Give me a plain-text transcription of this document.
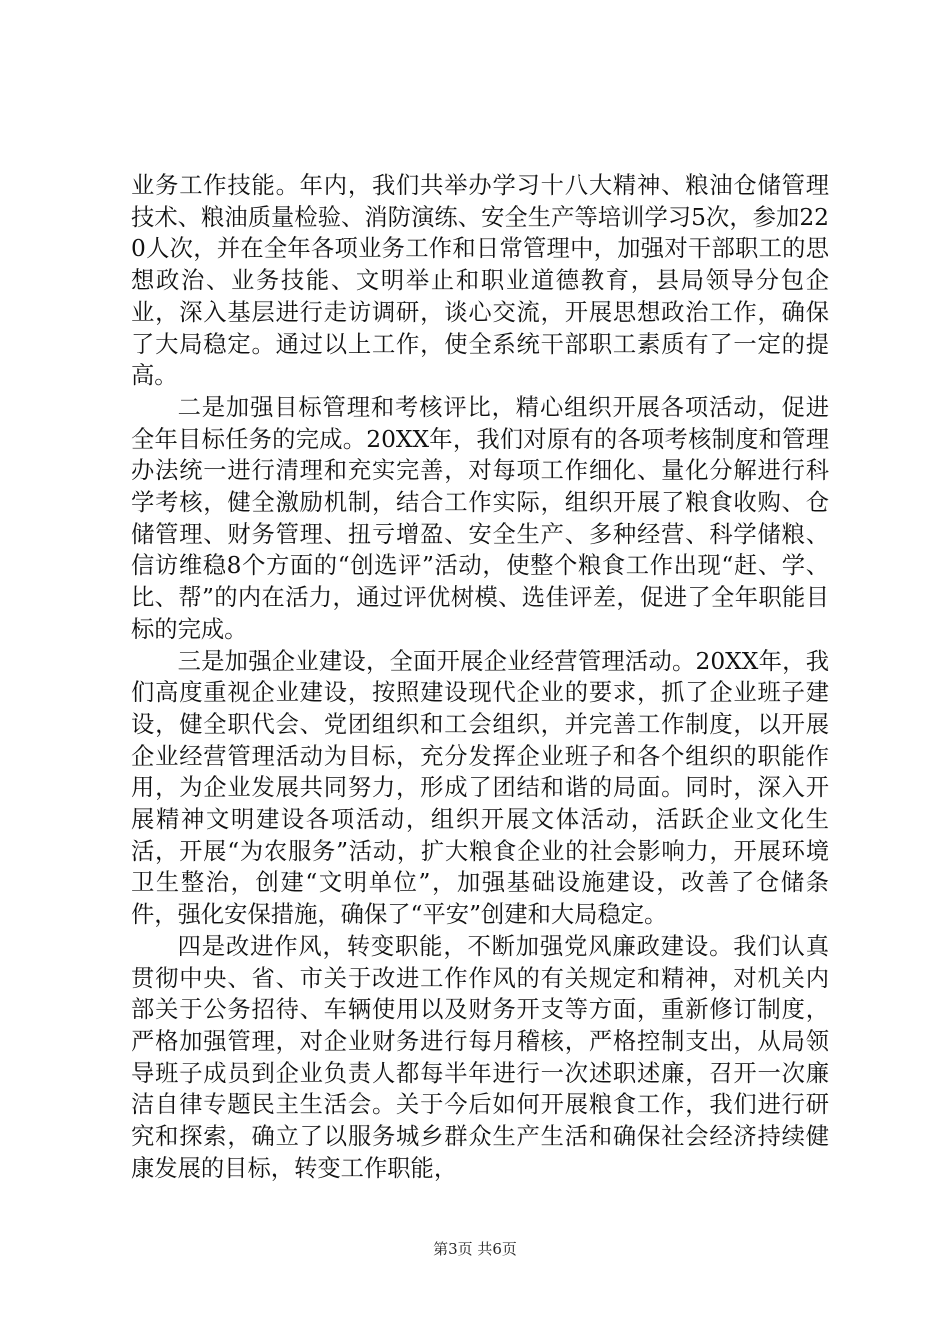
业务工作技能。年内，我们共举办学习十八大精神、粮油仓储管理技术、粮油质量检验、消防演练、安全生产等培训学习5次，参加220人次，并在全年各项业务工作和日常管理中，加强对干部职工的思想政治、业务技能、文明举止和职业道德教育，县局领导分包企业，深入基层进行走访调研，谈心交流，开展思想政治工作，确保了大局稳定。通过以上工作，使全系统干部职工素质有了一定的提高。

二是加强目标管理和考核评比，精心组织开展各项活动，促进全年目标任务的完成。20XX年，我们对原有的各项考核制度和管理办法统一进行清理和充实完善，对每项工作细化、量化分解进行科学考核，健全激励机制，结合工作实际，组织开展了粮食收购、仓储管理、财务管理、扭亏增盈、安全生产、多种经营、科学储粮、信访维稳8个方面的“创选评”活动，使整个粮食工作出现“赶、学、比、帮”的内在活力，通过评优树模、选佳评差，促进了全年职能目标的完成。

三是加强企业建设，全面开展企业经营管理活动。20XX年，我们高度重视企业建设，按照建设现代企业的要求，抓了企业班子建设，健全职代会、党团组织和工会组织，并完善工作制度，以开展企业经营管理活动为目标，充分发挥企业班子和各个组织的职能作用，为企业发展共同努力，形成了团结和谐的局面。同时，深入开展精神文明建设各项活动，组织开展文体活动，活跃企业文化生活，开展“为农服务”活动，扩大粮食企业的社会影响力，开展环境卫生整治，创建“文明单位”，加强基础设施建设，改善了仓储条件，强化安保措施，确保了“平安”创建和大局稳定。

四是改进作风，转变职能，不断加强党风廉政建设。我们认真贯彻中央、省、市关于改进工作作风的有关规定和精神，对机关内部关于公务招待、车辆使用以及财务开支等方面，重新修订制度，严格加强管理，对企业财务进行每月稽核，严格控制支出，从局领导班子成员到企业负责人都每半年进行一次述职述廉，召开一次廉洁自律专题民主生活会。关于今后如何开展粮食工作，我们进行研究和探索，确立了以服务城乡群众生产生活和确保社会经济持续健康发展的目标，转变工作职能，

第3页 共6页
